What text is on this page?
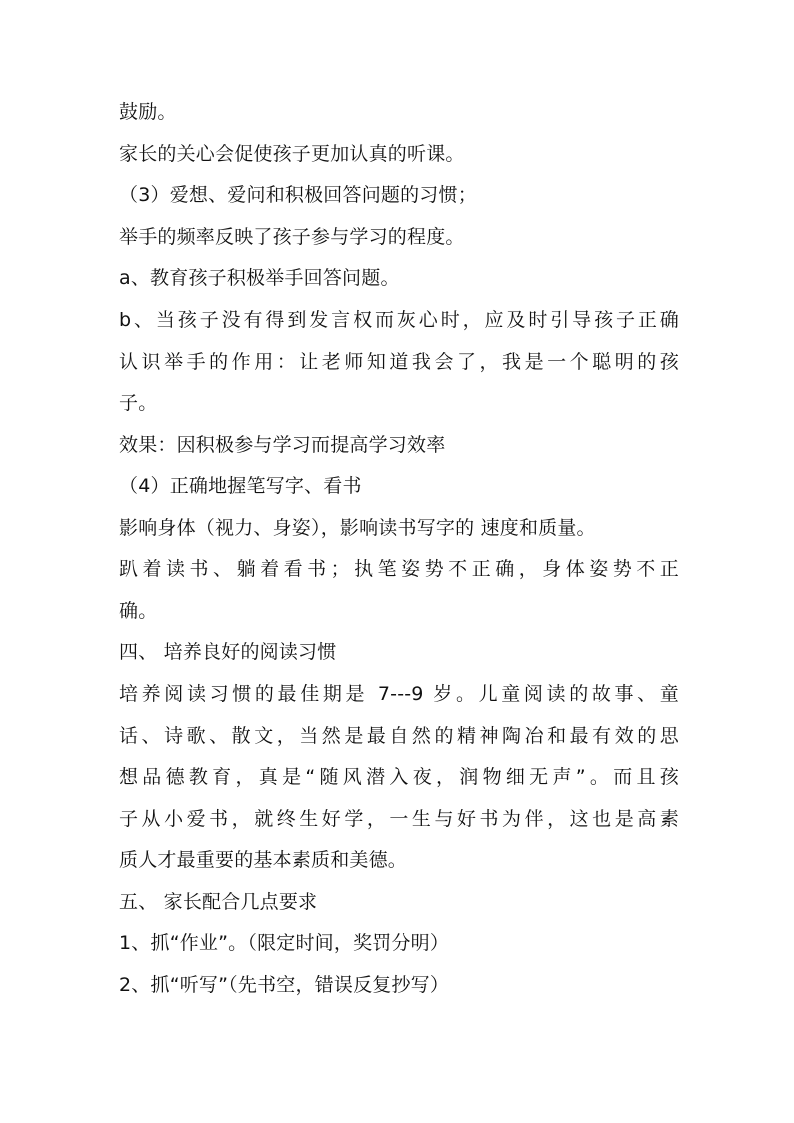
鼓励。
家长的关心会促使孩子更加认真的听课。
（3）爱想、爱问和积极回答问题的习惯；
举手的频率反映了孩子参与学习的程度。
a、教育孩子积极举手回答问题。
b、当孩子没有得到发言权而灰心时，应及时引导孩子正确
认识举手的作用：让老师知道我会了，我是一个聪明的孩
子。
效果：因积极参与学习而提高学习效率
（4）正确地握笔写字、看书
影响身体（视力、身姿），影响读书写字的 速度和质量。
趴着读书、躺着看书；执笔姿势不正确，身体姿势不正
确。
四、 培养良好的阅读习惯
培养阅读习惯的最佳期是 7---9 岁。儿童阅读的故事、童
话、诗歌、散文，当然是最自然的精神陶冶和最有效的思
想品德教育，真是“随风潜入夜，润物细无声”。而且孩
子从小爱书，就终生好学，一生与好书为伴，这也是高素
质人才最重要的基本素质和美德。
五、 家长配合几点要求
1、抓“作业”。（限定时间，奖罚分明）
2、抓“听写”（先书空，错误反复抄写）
